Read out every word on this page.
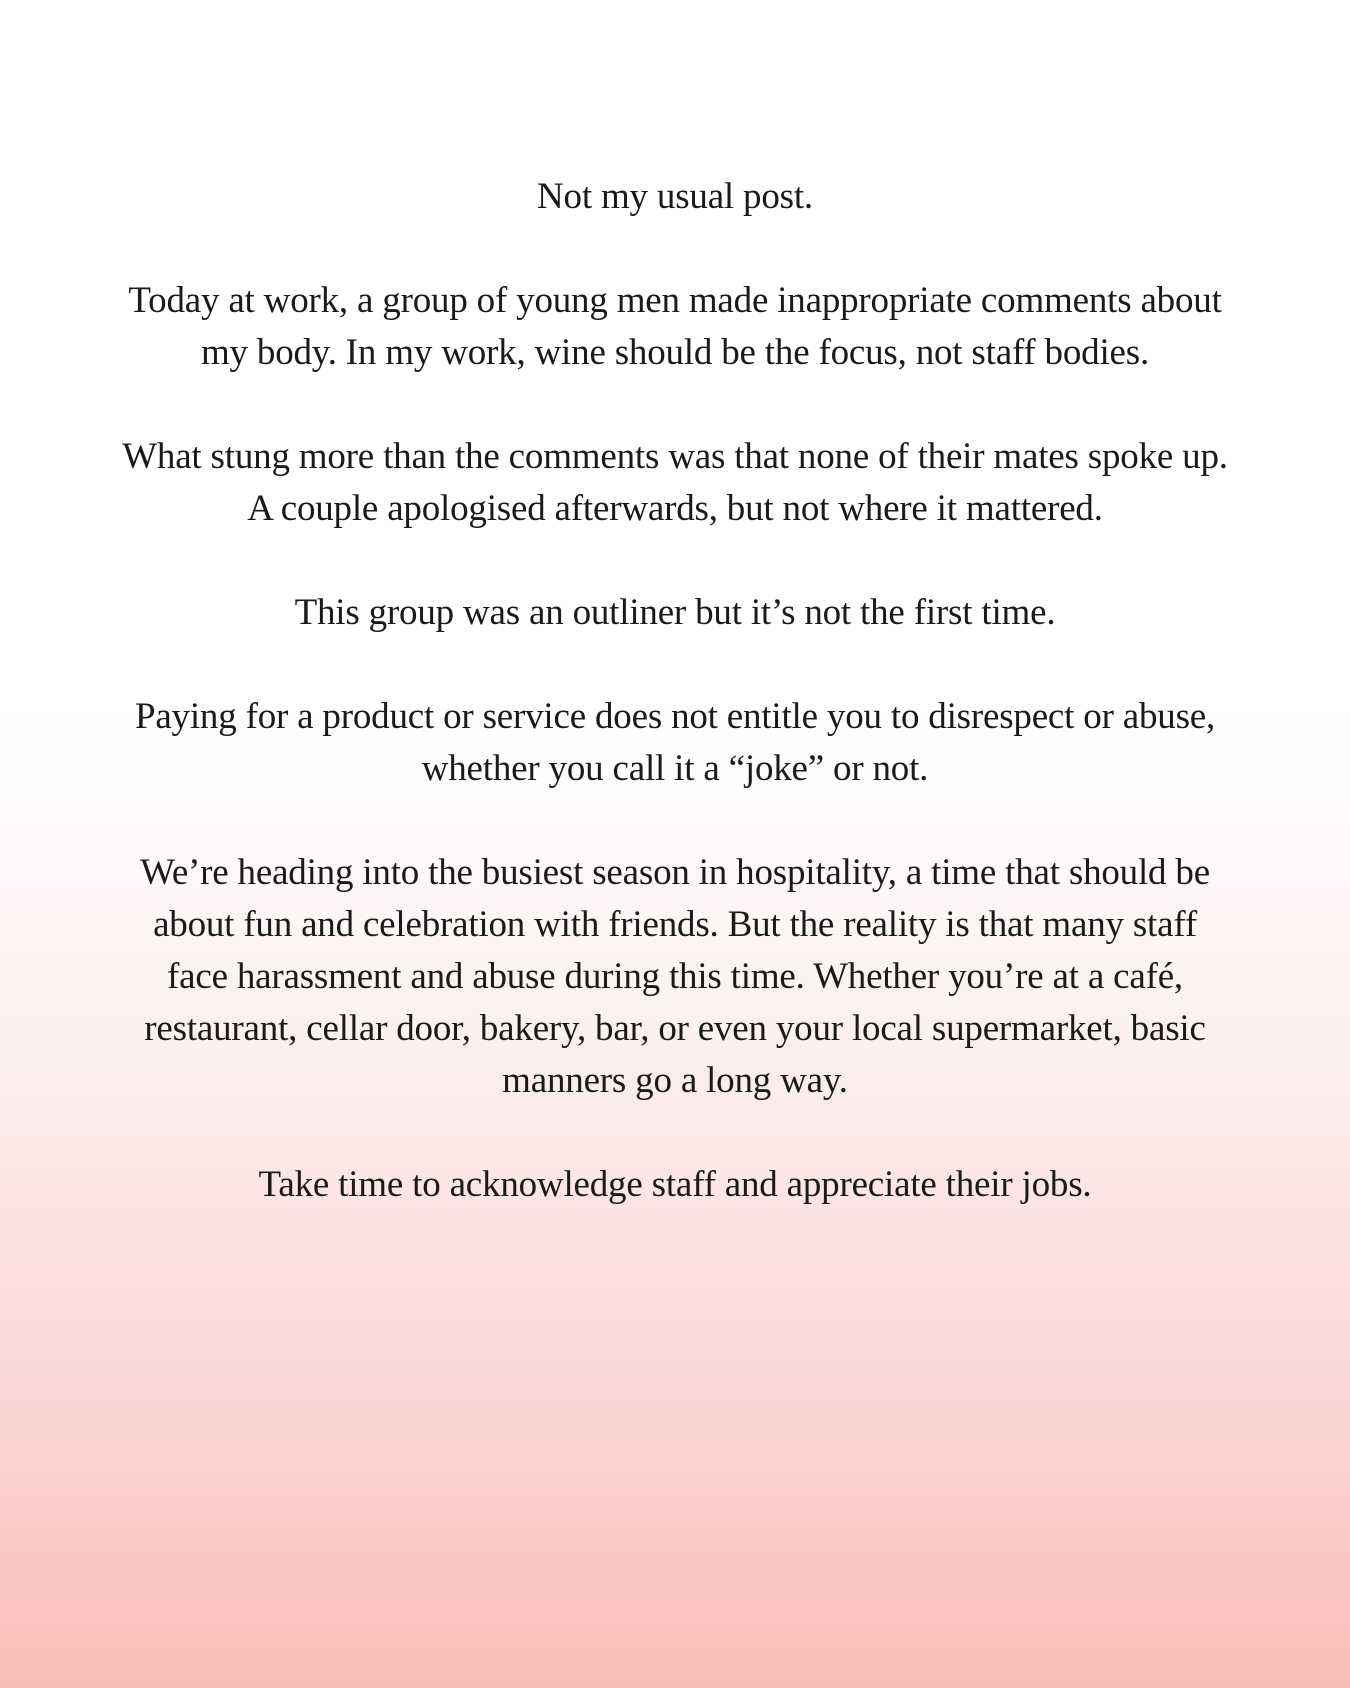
Not my usual post.

Today at work, a group of young men made inappropriate comments about my body. In my work, wine should be the focus, not staff bodies.

What stung more than the comments was that none of their mates spoke up. A couple apologised afterwards, but not where it mattered.

This group was an outliner but it’s not the first time.

Paying for a product or service does not entitle you to disrespect or abuse, whether you call it a “joke” or not.

We’re heading into the busiest season in hospitality, a time that should be about fun and celebration with friends. But the reality is that many staff face harassment and abuse during this time. Whether you’re at a café, restaurant, cellar door, bakery, bar, or even your local supermarket, basic manners go a long way.

Take time to acknowledge staff and appreciate their jobs.
